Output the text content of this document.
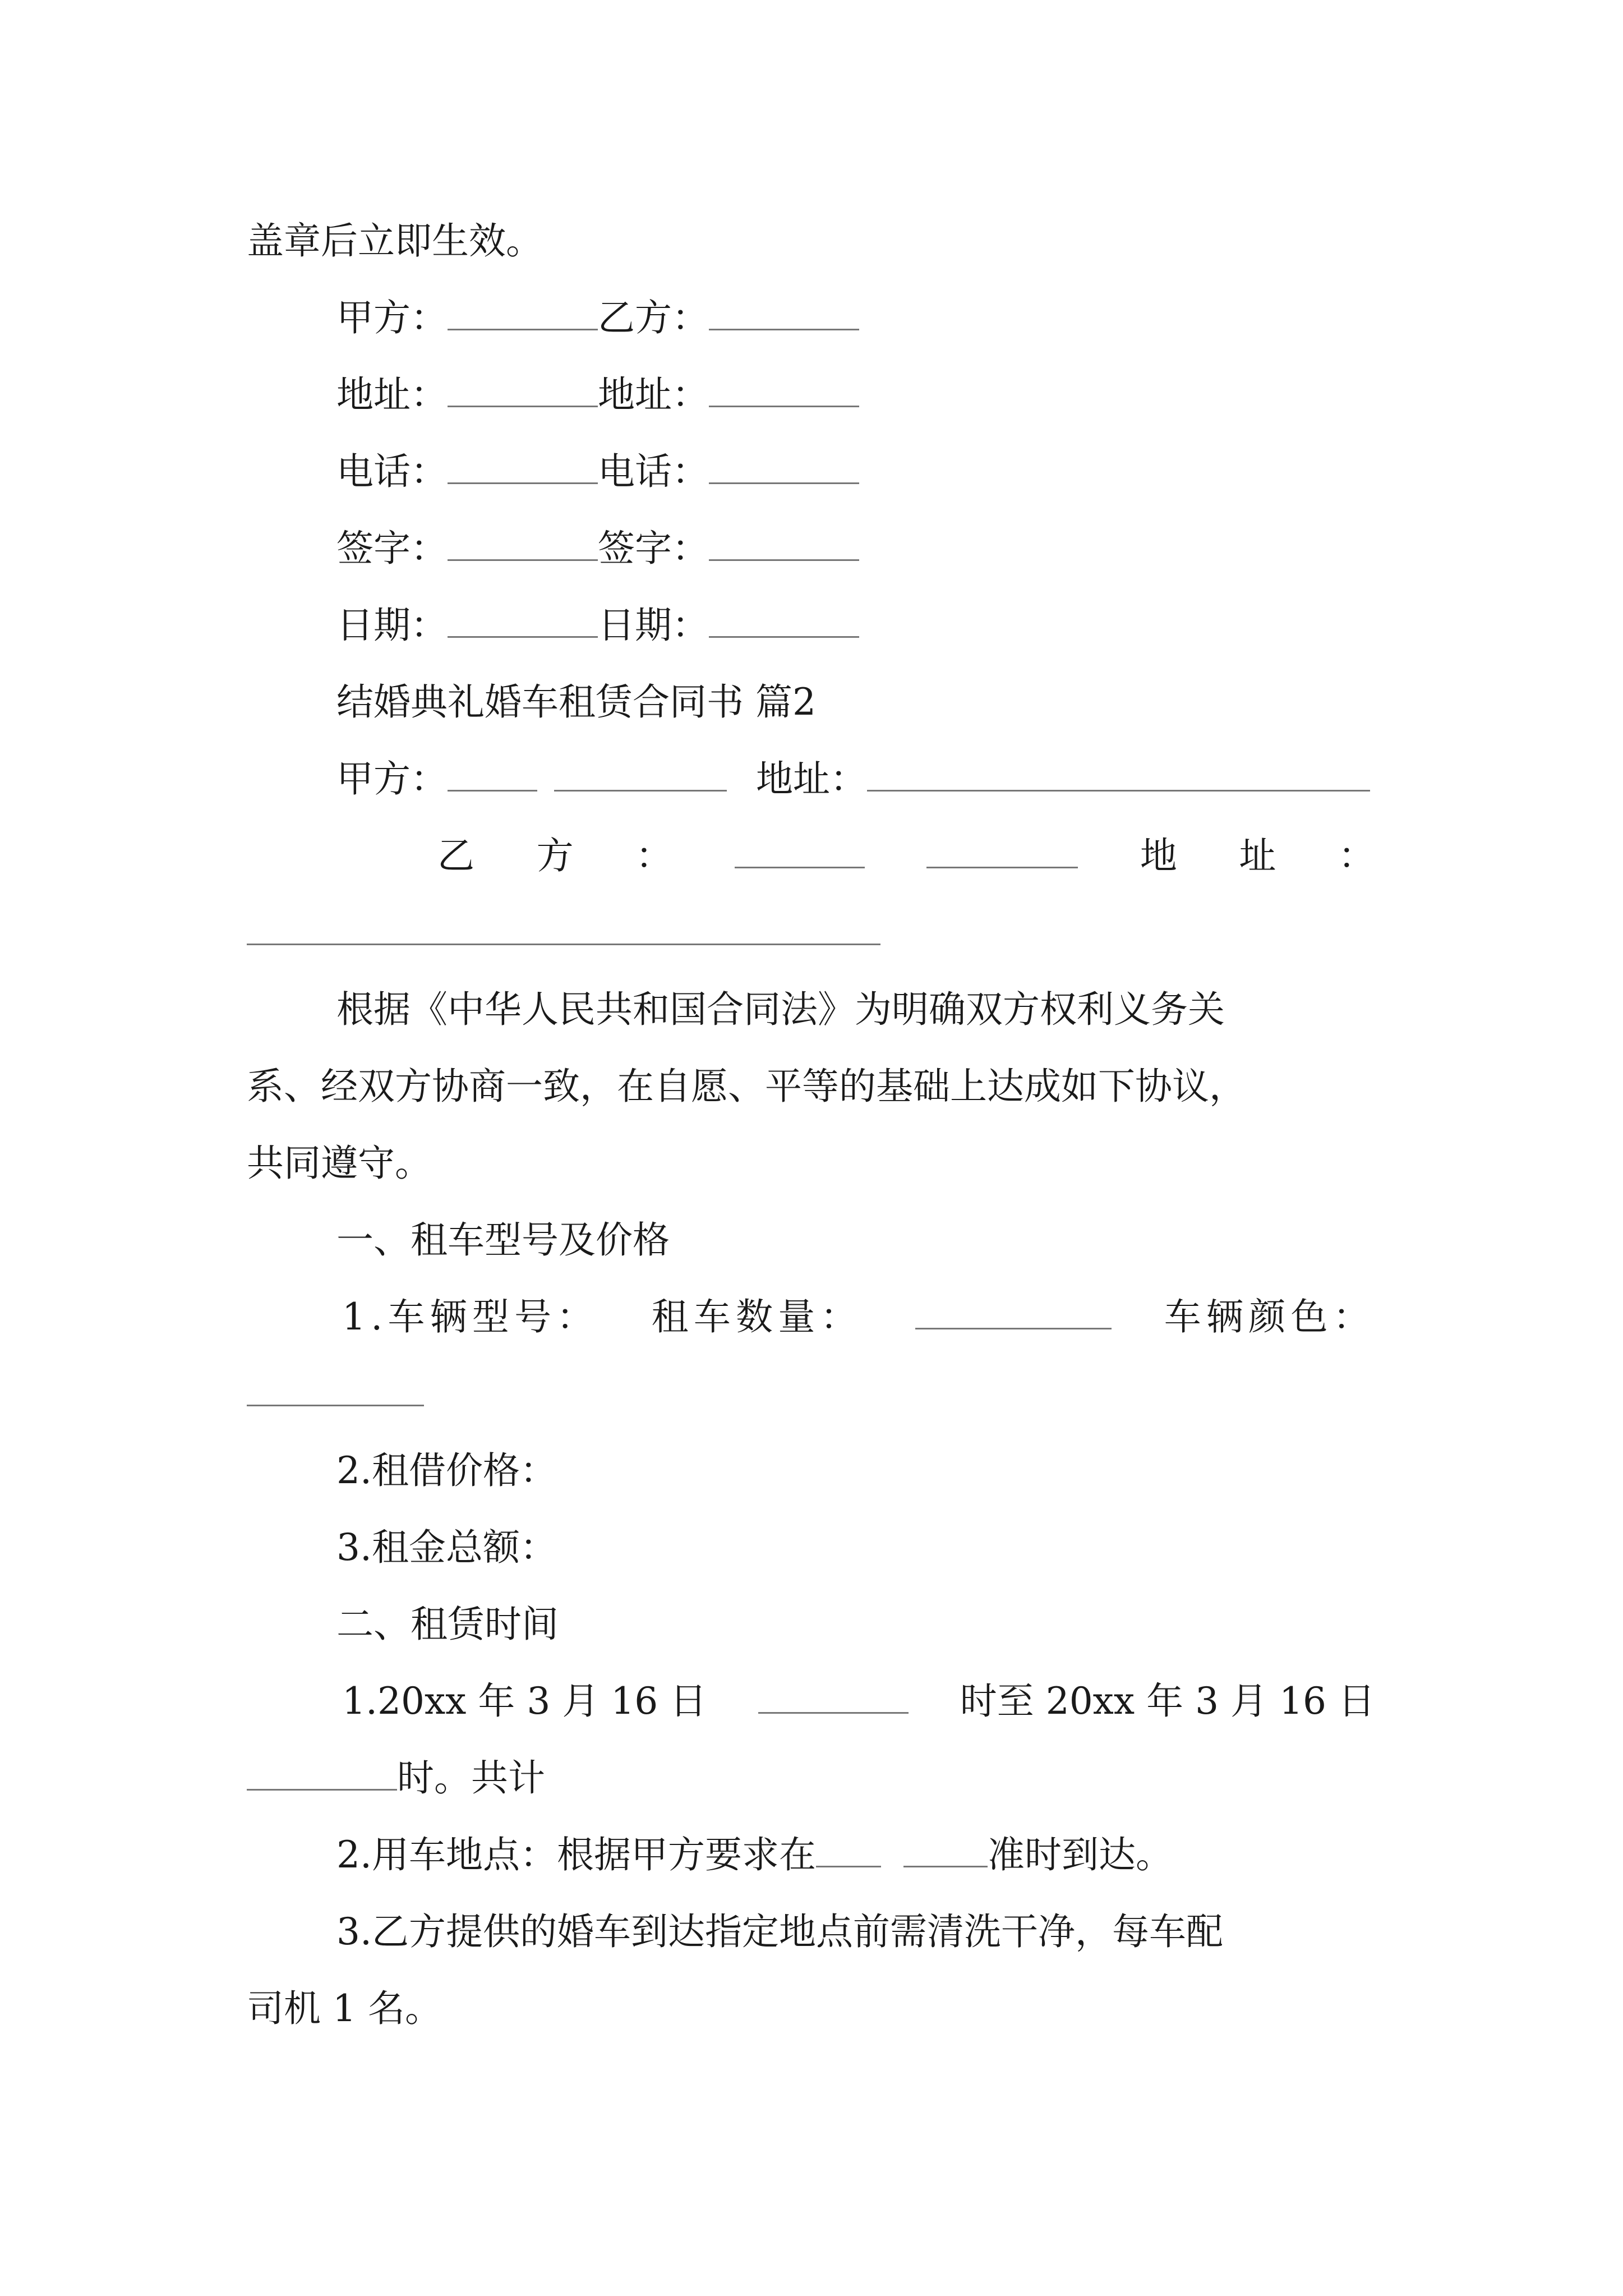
盖章后立即生效。
甲方：	乙方：
地址：	地址：
电话：	电话：
签字：	签字：
日期：	日期：
结婚典礼婚车租赁合同书 篇2
甲方：	地址：
乙 方 ：	地 址 ：
根据《中华人民共和国合同法》为明确双方权利义务关
系、经双方协商一致，在自愿、平等的基础上达成如下协议，
共同遵守。
一、租车型号及价格
1.车辆型号： 租车数量：	车辆颜色：
2.租借价格：
3.租金总额：
二、租赁时间
1.20xx 年 3 月 16 日	时至 20xx 年 3 月 16 日
时。共计
2.用车地点：根据甲方要求在	准时到达。
3.乙方提供的婚车到达指定地点前需清洗干净，每车配
司机 1 名。
